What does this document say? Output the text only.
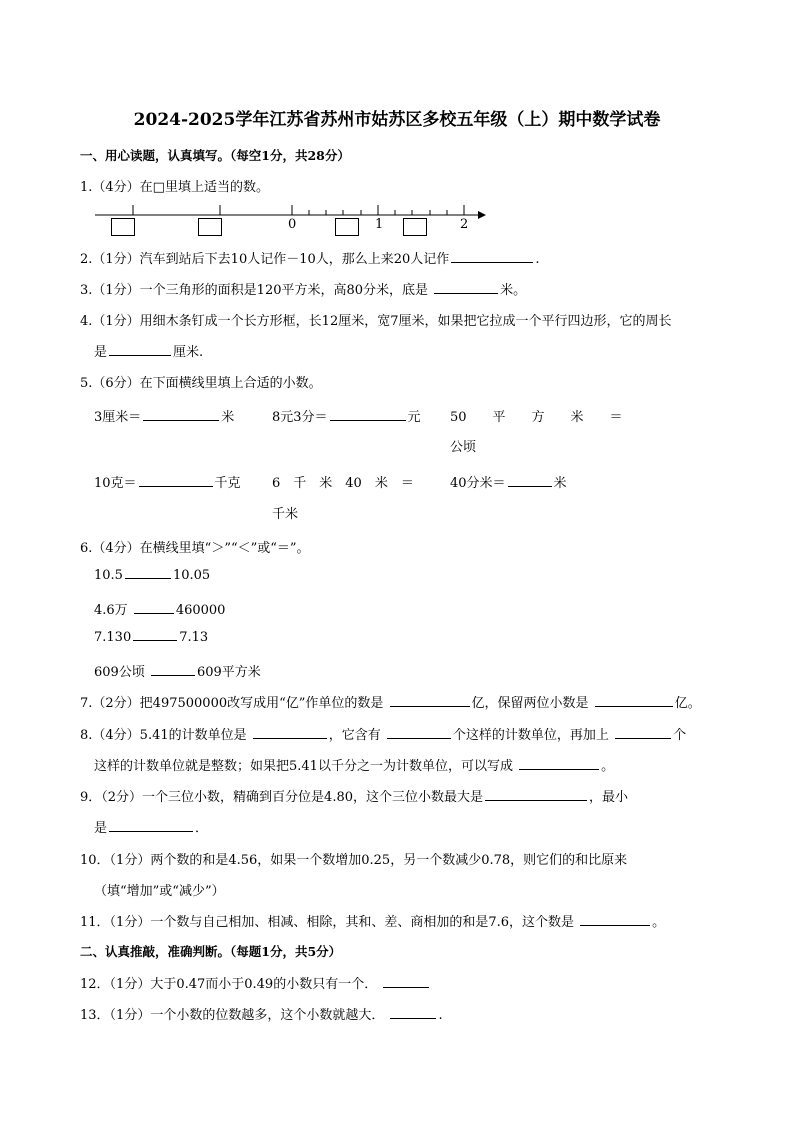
2024-2025学年江苏省苏州市姑苏区多校五年级（上）期中数学试卷
一、用心读题，认真填写。（每空1分，共28分）
1.（4分）在□里填上适当的数。
0	1	2
2.（1分）汽车到站后下去10人记作－10人，那么上来20人记作	.
3.（1分）一个三角形的面积是120平方米，高80分米，底是	米。
4.（1分）用细木条钉成一个长方形框，长12厘米，宽7厘米，如果把它拉成一个平行四边形，它的周长
是	厘米.
5.（6分）在下面横线里填上合适的小数。
3厘米＝	米	8元3分＝	元 50　　平　　方　　米　　＝
公顷
10克＝	千克 6　千　米　40　米　＝	40分米＝	米
千米
6.（4分）在横线里填“＞”“＜”或“＝”。
10.5	10.05
4.6万	460000
7.130	7.13
609公顷	609平方米
7.（2分）把497500000改写成用“亿”作单位的数是	亿，保留两位小数是	亿。
8.（4分）5.41的计数单位是	，它含有	个这样的计数单位，再加上	个
这样的计数单位就是整数；如果把5.41以千分之一为计数单位，可以写成	。
9．（2分）一个三位小数，精确到百分位是4.80，这个三位小数最大是	，最小
是	．
10．（1分）两个数的和是4.56，如果一个数增加0.25，另一个数减少0.78，则它们的和比原来
（填“增加”或“减少”）
11．（1分）一个数与自己相加、相减、相除，其和、差、商相加的和是7.6，这个数是	。
二、认真推敲，准确判断。（每题1分，共5分）
12．（1分）大于0.47而小于0.49的小数只有一个．
13．（1分）一个小数的位数越多，这个小数就越大．	.
